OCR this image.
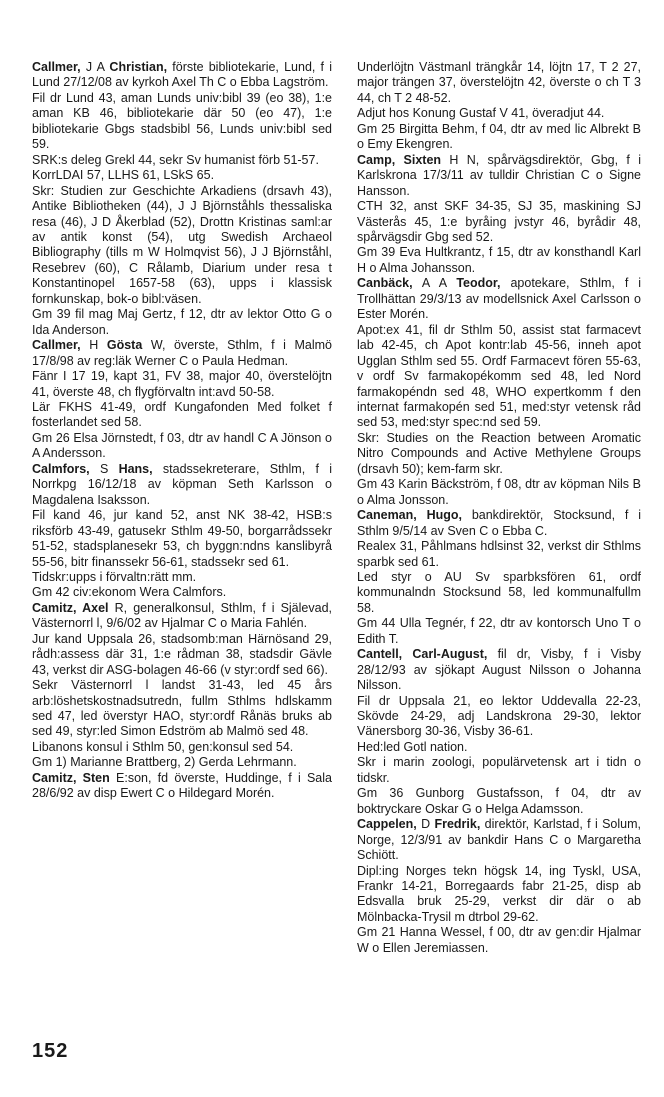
Callmer, J A Christian, förste bibliotekarie, Lund, f i Lund 27/12/08 av kyrkoh Axel Th C o Ebba Lagström.

Fil dr Lund 43, aman Lunds univ:bibl 39 (eo 38), 1:e aman KB 46, bibliotekarie där 50 (eo 47), 1:e bibliotekarie Gbgs stadsbibl 56, Lunds univ:bibl sed 59.

SRK:s deleg Grekl 44, sekr Sv humanist förb 51-57.

KorrLDAI 57, LLHS 61, LSkS 65.

Skr: Studien zur Geschichte Arkadiens (drsavh 43), Antike Bibliotheken (44), J J Björnståhls thessaliska resa (46), J D Åkerblad (52), Drottn Kristinas saml:ar av antik konst (54), utg Swedish Archaeol Bibliography (tills m W Holmqvist 56), J J Björnståhl, Resebrev (60), C Rålamb, Diarium under resa t Konstantinopel 1657-58 (63), upps i klassisk fornkunskap, bok-o bibl:väsen.

Gm 39 fil mag Maj Gertz, f 12, dtr av lektor Otto G o Ida Anderson.

Callmer, H Gösta W, överste, Sthlm, f i Malmö 17/8/98 av reg:läk Werner C o Paula Hedman.

Fänr I 17 19, kapt 31, FV 38, major 40, överstelöjtn 41, överste 48, ch flygförvaltn int:avd 50-58.

Lär FKHS 41-49, ordf Kungafonden Med folket f fosterlandet sed 58.

Gm 26 Elsa Jörnstedt, f 03, dtr av handl C A Jönson o A Andersson.

Calmfors, S Hans, stadssekreterare, Sthlm, f i Norrkpg 16/12/18 av köpman Seth Karlsson o Magdalena Isaksson.

Fil kand 46, jur kand 52, anst NK 38-42, HSB:s riksförb 43-49, gatusekr Sthlm 49-50, borgarrådssekr 51-52, stadsplanesekr 53, ch byggn:ndns kanslibyrå 55-56, bitr finanssekr 56-61, stadssekr sed 61.

Tidskr:upps i förvaltn:rätt mm.

Gm 42 civ:ekonom Wera Calmfors.

Camitz, Axel R, generalkonsul, Sthlm, f i Själevad, Västernorrl l, 9/6/02 av Hjalmar C o Maria Fahlén.

Jur kand Uppsala 26, stadsomb:man Härnösand 29, rådh:assess där 31, 1:e rådman 38, stadsdir Gävle 43, verkst dir ASG-bolagen 46-66 (v styr:ordf sed 66).

Sekr Västernorrl l landst 31-43, led 45 års arb:löshetskostnadsutredn, fullm Sthlms hdlskamm sed 47, led överstyr HAO, styr:ordf Rånäs bruks ab sed 49, styr:led Simon Edström ab Malmö sed 48.

Libanons konsul i Sthlm 50, gen:konsul sed 54.

Gm 1) Marianne Brattberg, 2) Gerda Lehrmann.

Camitz, Sten E:son, fd överste, Huddinge, f i Sala 28/6/92 av disp Ewert C o Hildegard Morén.

Underlöjtn Västmanl trängkår 14, löjtn 17, T 2 27, major trängen 37, överstelöjtn 42, överste o ch T 3 44, ch T 2 48-52.

Adjut hos Konung Gustaf V 41, överadjut 44.

Gm 25 Birgitta Behm, f 04, dtr av med lic Albrekt B o Emy Ekengren.

Camp, Sixten H N, spårvägsdirektör, Gbg, f i Karlskrona 17/3/11 av tulldir Christian C o Signe Hansson.

CTH 32, anst SKF 34-35, SJ 35, maskining SJ Västerås 45, 1:e byråing jvstyr 46, byrådir 48, spårvägsdir Gbg sed 52.

Gm 39 Eva Hultkrantz, f 15, dtr av konsthandl Karl H o Alma Johansson.

Canbäck, A A Teodor, apotekare, Sthlm, f i Trollhättan 29/3/13 av modellsnick Axel Carlsson o Ester Morén.

Apot:ex 41, fil dr Sthlm 50, assist stat farmacevt lab 42-45, ch Apot kontr:lab 45-56, inneh apot Ugglan Sthlm sed 55. Ordf Farmacevt fören 55-63, v ordf Sv farmakopékomm sed 48, led Nord farmakopéndn sed 48, WHO expertkomm f den internat farmakopén sed 51, med:styr vetensk råd sed 53, med:styr spec:nd sed 59.

Skr: Studies on the Reaction between Aromatic Nitro Compounds and Active Methylene Groups (drsavh 50); kem-farm skr.

Gm 43 Karin Bäckström, f 08, dtr av köpman Nils B o Alma Jonsson.

Caneman, Hugo, bankdirektör, Stocksund, f i Sthlm 9/5/14 av Sven C o Ebba C.

Realex 31, Påhlmans hdlsinst 32, verkst dir Sthlms sparbk sed 61.

Led styr o AU Sv sparbksfören 61, ordf kommunalndn Stocksund 58, led kommunalfullm 58.

Gm 44 Ulla Tegnér, f 22, dtr av kontorsch Uno T o Edith T.

Cantell, Carl-August, fil dr, Visby, f i Visby 28/12/93 av sjökapt August Nilsson o Johanna Nilsson.

Fil dr Uppsala 21, eo lektor Uddevalla 22-23, Skövde 24-29, adj Landskrona 29-30, lektor Vänersborg 30-36, Visby 36-61.

Hed:led Gotl nation.

Skr i marin zoologi, populärvetensk art i tidn o tidskr.

Gm 36 Gunborg Gustafsson, f 04, dtr av boktryckare Oskar G o Helga Adamsson.

Cappelen, D Fredrik, direktör, Karlstad, f i Solum, Norge, 12/3/91 av bankdir Hans C o Margaretha Schiött.

Dipl:ing Norges tekn högsk 14, ing Tyskl, USA, Frankr 14-21, Borregaards fabr 21-25, disp ab Edsvalla bruk 25-29, verkst dir där o ab Mölnbacka-Trysil m dtrbol 29-62.

Gm 21 Hanna Wessel, f 00, dtr av gen:dir Hjalmar W o Ellen Jeremiassen.

152
